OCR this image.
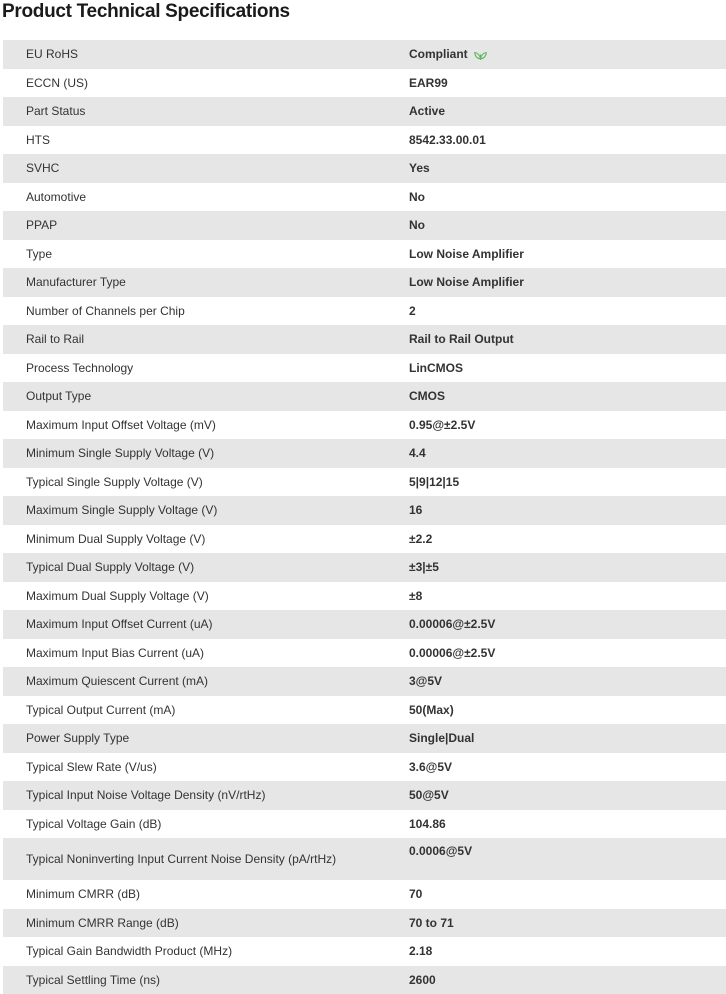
Product Technical Specifications
EU RoHS	Compliant
ECCN (US)	EAR99
Part Status	Active
HTS	8542.33.00.01
SVHC	Yes
Automotive	No
PPAP	No
Type	Low Noise Amplifier
Manufacturer Type	Low Noise Amplifier
Number of Channels per Chip	2
Rail to Rail	Rail to Rail Output
Process Technology	LinCMOS
Output Type	CMOS
Maximum Input Offset Voltage (mV)	0.95@±2.5V
Minimum Single Supply Voltage (V)	4.4
Typical Single Supply Voltage (V)	5|9|12|15
Maximum Single Supply Voltage (V)	16
Minimum Dual Supply Voltage (V)	±2.2
Typical Dual Supply Voltage (V)	±3|±5
Maximum Dual Supply Voltage (V)	±8
Maximum Input Offset Current (uA)	0.00006@±2.5V
Maximum Input Bias Current (uA)	0.00006@±2.5V
Maximum Quiescent Current (mA)	3@5V
Typical Output Current (mA)	50(Max)
Power Supply Type	Single|Dual
Typical Slew Rate (V/us)	3.6@5V
Typical Input Noise Voltage Density (nV/rtHz)	50@5V
Typical Voltage Gain (dB)	104.86
Typical Noninverting Input Current Noise Density (pA/rtHz)	0.0006@5V
Minimum CMRR (dB)	70
Minimum CMRR Range (dB)	70 to 71
Typical Gain Bandwidth Product (MHz)	2.18
Typical Settling Time (ns)	2600
